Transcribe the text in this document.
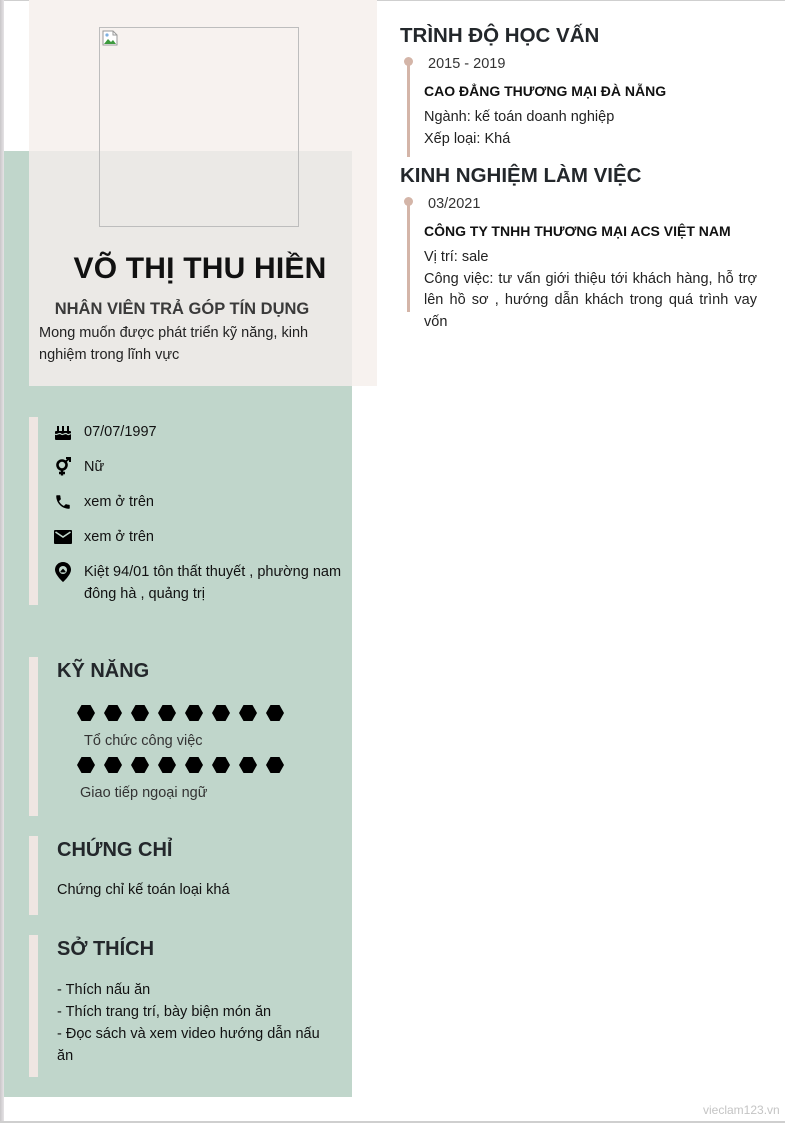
VÕ THỊ THU HIỀN
NHÂN VIÊN TRẢ GÓP TÍN DỤNG
Mong muốn được phát triển kỹ năng, kinh nghiệm trong lĩnh vực
07/07/1997
Nữ
xem ở trên
xem ở trên
Kiệt 94/01 tôn thất thuyết , phường nam đông hà , quảng trị
KỸ NĂNG
Tổ chức công việc
Giao tiếp ngoại ngữ
CHỨNG CHỈ
Chứng chỉ kế toán loại khá
SỞ THÍCH
- Thích nấu ăn
- Thích trang trí, bày biện món ăn
- Đọc sách và xem video hướng dẫn nấu ăn
TRÌNH ĐỘ HỌC VẤN
2015 - 2019
CAO ĐẲNG THƯƠNG MẠI ĐÀ NẴNG
Ngành: kế toán doanh nghiệp
Xếp loại: Khá
KINH NGHIỆM LÀM VIỆC
03/2021
CÔNG TY TNHH THƯƠNG MẠI ACS VIỆT NAM
Vị trí: sale
Công việc: tư vấn giới thiệu tới khách hàng, hỗ trợ lên hồ sơ , hướng dẫn khách trong quá trình vay vốn
vieclam123.vn
